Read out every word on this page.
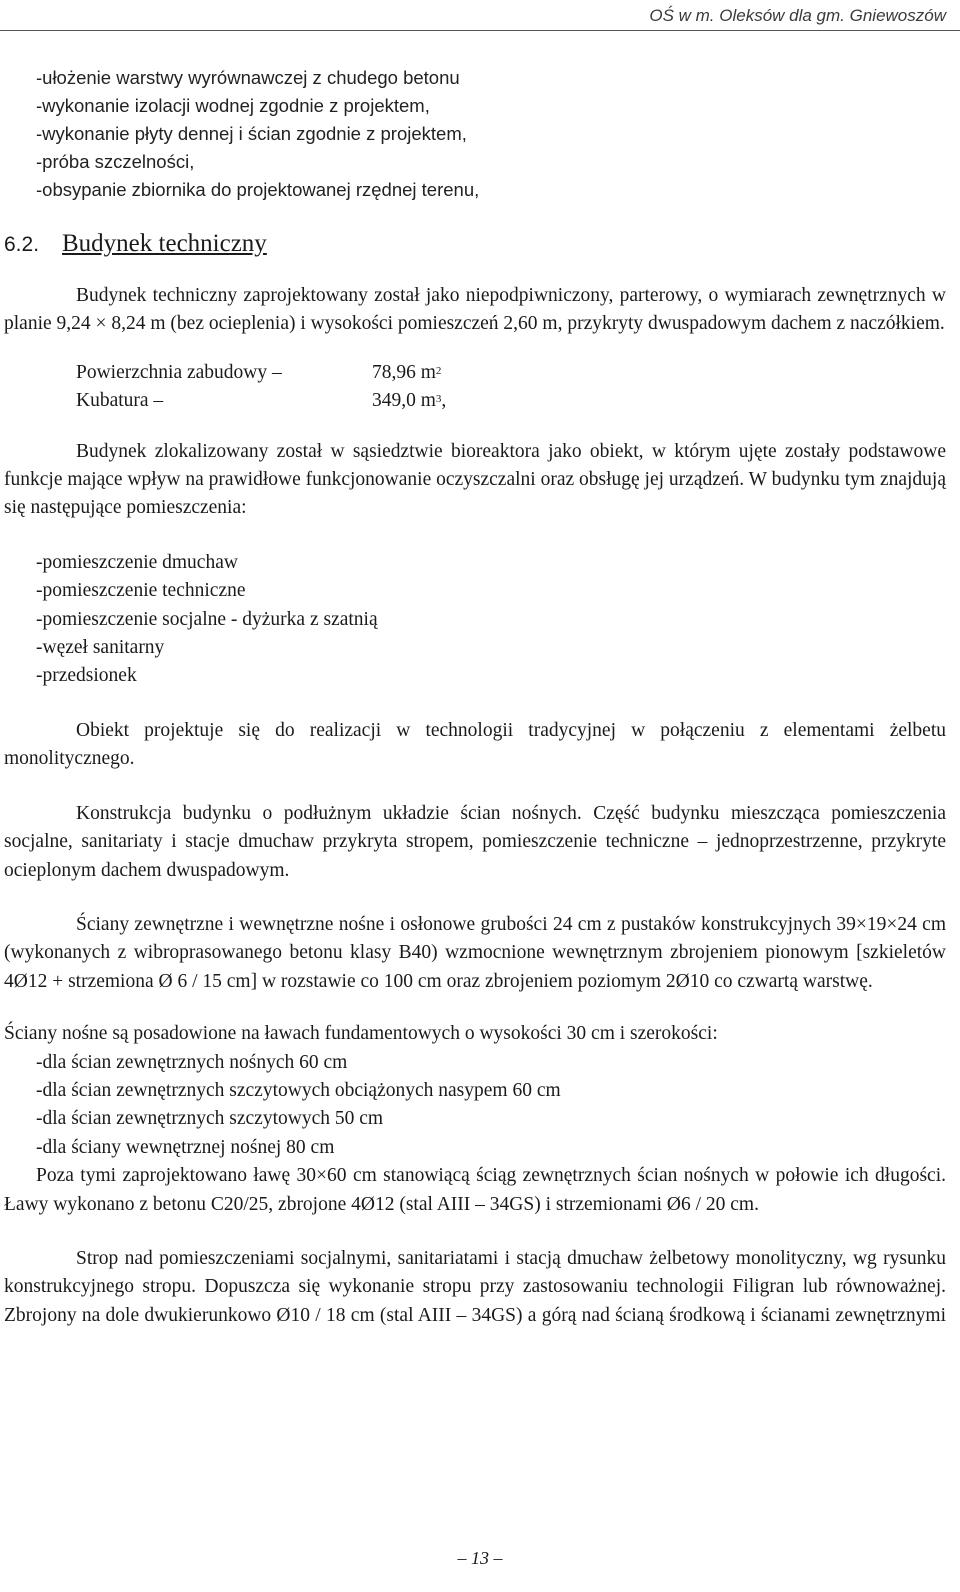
OŚ w m. Oleksów dla gm. Gniewoszów
-ułożenie warstwy wyrównawczej z chudego betonu
-wykonanie izolacji wodnej zgodnie z projektem,
-wykonanie płyty dennej i ścian zgodnie z projektem,
-próba szczelności,
-obsypanie zbiornika do projektowanej rzędnej terenu,
6.2. Budynek techniczny

Budynek techniczny zaprojektowany został jako niepodpiwniczony, parterowy, o wymiarach zewnętrznych w planie 9,24 × 8,24 m (bez ocieplenia) i wysokości pomieszczeń 2,60 m, przykryty dwuspadowym dachem z naczółkiem.

Powierzchnia zabudowy –	78,96 $m^2$
Kubatura –	349,0 $m^3$,

Budynek zlokalizowany został w sąsiedztwie bioreaktora jako obiekt, w którym ujęte zostały podstawowe funkcje mające wpływ na prawidłowe funkcjonowanie oczyszczalni oraz obsługę jej urządzeń. W budynku tym znajdują się następujące pomieszczenia:

-pomieszczenie dmuchaw
-pomieszczenie techniczne
-pomieszczenie socjalne - dyżurka z szatnią
-węzeł sanitarny
-przedsionek

Obiekt projektuje się do realizacji w technologii tradycyjnej w połączeniu z elementami żelbetu monolitycznego.

Konstrukcja budynku o podłużnym układzie ścian nośnych. Część budynku mieszcząca pomieszczenia socjalne, sanitariaty i stacje dmuchaw przykryta stropem, pomieszczenie techniczne – jednoprzestrzenne, przykryte ocieplonym dachem dwuspadowym.

Ściany zewnętrzne i wewnętrzne nośne i osłonowe grubości 24 cm z pustaków konstrukcyjnych 39×19×24 cm (wykonanych z wibroprasowanego betonu klasy B40) wzmocnione wewnętrznym zbrojeniem pionowym [szkieletów 4Ø12 + strzemiona Ø 6 / 15 cm] w rozstawie co 100 cm oraz zbrojeniem poziomym 2Ø10 co czwartą warstwę.

Ściany nośne są posadowione na ławach fundamentowych o wysokości 30 cm i szerokości:

-dla ścian zewnętrznych nośnych 60 cm
-dla ścian zewnętrznych szczytowych obciążonych nasypem 60 cm
-dla ścian zewnętrznych szczytowych 50 cm
-dla ściany wewnętrznej nośnej 80 cm

Poza tymi zaprojektowano ławę 30×60 cm stanowiącą ściąg zewnętrznych ścian nośnych w połowie ich długości. Ławy wykonano z betonu C20/25, zbrojone 4Ø12 (stal AIII – 34GS) i strzemionami Ø6 / 20 cm.

Strop nad pomieszczeniami socjalnymi, sanitariatami i stacją dmuchaw żelbetowy monolityczny, wg rysunku konstrukcyjnego stropu. Dopuszcza się wykonanie stropu przy zastosowaniu technologii Filigran lub równoważnej. Zbrojony na dole dwukierunkowo Ø10 / 18 cm (stal AIII – 34GS) a górą nad ścianą środkową i ścianami zewnętrznymi

– 13 –
